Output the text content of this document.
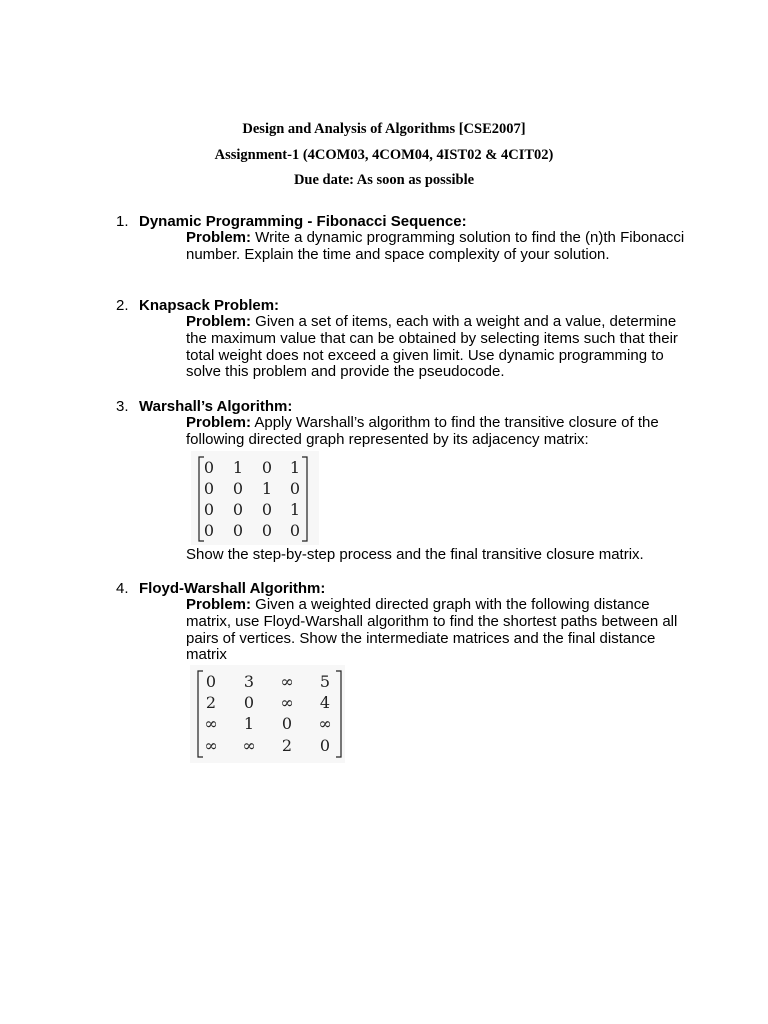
Design and Analysis of Algorithms [CSE2007]
Assignment-1 (4COM03, 4COM04, 4IST02 & 4CIT02)
Due date: As soon as possible
1. Dynamic Programming - Fibonacci Sequence:
Problem: Write a dynamic programming solution to find the (n)th Fibonacci number. Explain the time and space complexity of your solution.
2. Knapsack Problem:
Problem: Given a set of items, each with a weight and a value, determine the maximum value that can be obtained by selecting items such that their total weight does not exceed a given limit. Use dynamic programming to solve this problem and provide the pseudocode.
3. Warshall’s Algorithm:
Problem: Apply Warshall’s algorithm to find the transitive closure of the following directed graph represented by its adjacency matrix:
0 1 0 1
0 0 1 0
0 0 0 1
0 0 0 0
Show the step-by-step process and the final transitive closure matrix.
4. Floyd-Warshall Algorithm:
Problem: Given a weighted directed graph with the following distance matrix, use Floyd-Warshall algorithm to find the shortest paths between all pairs of vertices. Show the intermediate matrices and the final distance matrix
0 3 ∞ 5
2 0 ∞ 4
∞ 1 0 ∞
∞ ∞ 2 0
